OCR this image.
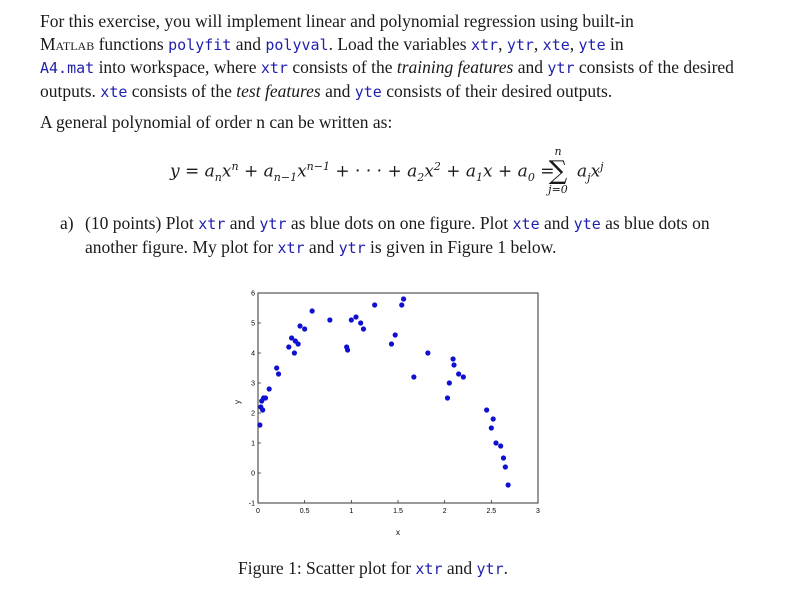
For this exercise, you will implement linear and polynomial regression using built-in
Matlab functions polyfit and polyval. Load the variables xtr, ytr, xte, yte in
A4.mat into workspace, where xtr consists of the training features and ytr consists of the desired outputs. xte consists of the test features and yte consists of their desired outputs.

A general polynomial of order n can be written as:

$y = a_nx^n + a_{n-1}x^{n-1}$ + · · · + $a_2x^2 + a_1x + a_0$ =
n
∑
j=0
$a_jx^j$
a) (10 points) Plot xtr and ytr as blue dots on one figure. Plot xte and yte as blue dots on another figure. My plot for xtr and ytr is given in Figure 1 below.
0	0.5	1	1.5	2	2.5	3
-1
0
1
2
3
4
5
6
x
y
Figure 1: Scatter plot for xtr and ytr.
